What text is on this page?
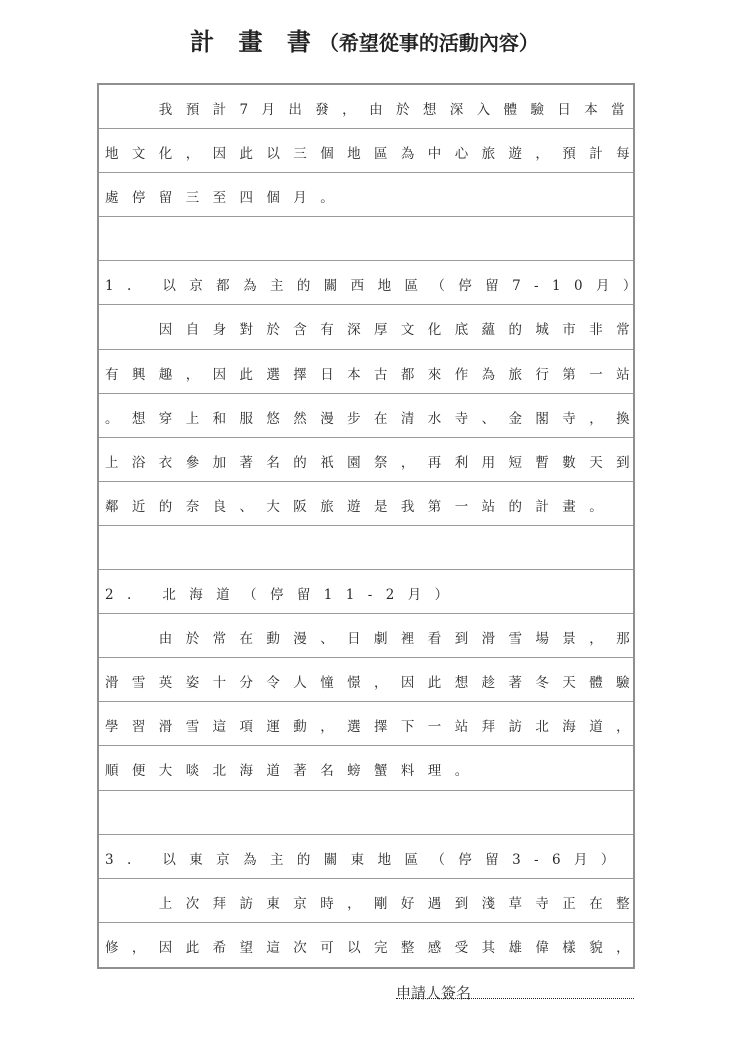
計 畫 書（希望從事的活動內容）
我預計7月出發，由於想深入體驗日本當
地文化，因此以三個地區為中心旅遊，預計每
處停留三至四個月。
1. 以京都為主的關西地區（停留7-10月）
因自身對於含有深厚文化底蘊的城市非常
有興趣，因此選擇日本古都來作為旅行第一站
。想穿上和服悠然漫步在清水寺、金閣寺，換
上浴衣參加著名的祇園祭，再利用短暫數天到
鄰近的奈良、大阪旅遊是我第一站的計畫。
2. 北海道（停留11-2月）
由於常在動漫、日劇裡看到滑雪場景，那
滑雪英姿十分令人憧憬，因此想趁著冬天體驗
學習滑雪這項運動，選擇下一站拜訪北海道，
順便大啖北海道著名螃蟹料理。
3. 以東京為主的關東地區（停留3-6月）
上次拜訪東京時，剛好遇到淺草寺正在整
修，因此希望這次可以完整感受其雄偉樣貌，
申請人簽名
